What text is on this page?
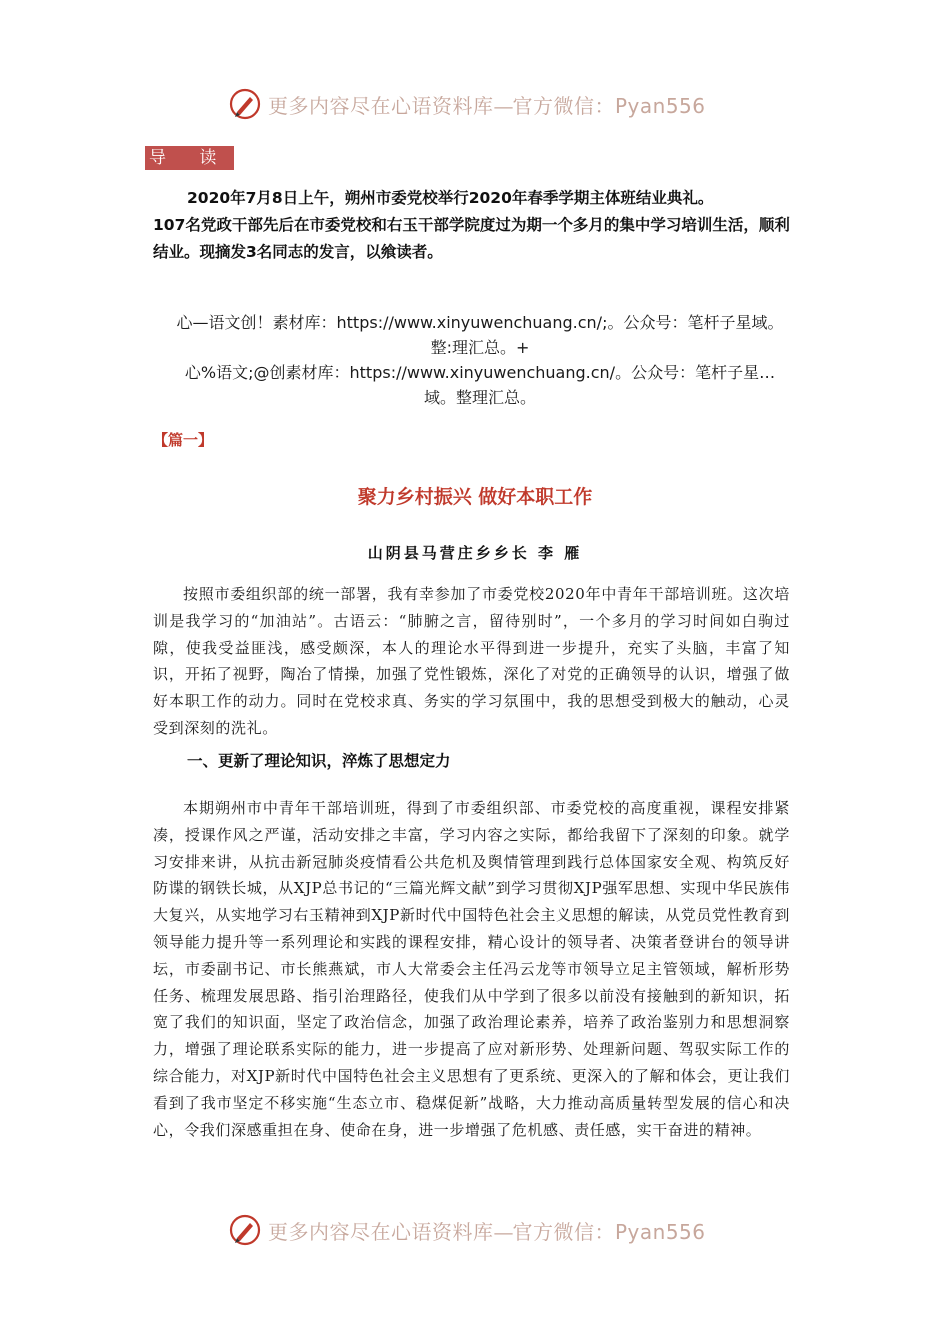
更多内容尽在心语资料库—官方微信：Pyan556
导 读
2020年7月8日上午，朔州市委党校举行2020年春季学期主体班结业典礼。
107名党政干部先后在市委党校和右玉干部学院度过为期一个多月的集中学习培训生活，顺利结业。现摘发3名同志的发言，以飨读者。
心—语文创！素材库：https://www.xinyuwenchuang.cn/;。公众号：笔杆子星域。
整:理汇总。+
心%语文;@创素材库：https://www.xinyuwenchuang.cn/。公众号：笔杆子星…
域。整理汇总。
【篇一】
聚力乡村振兴 做好本职工作
山阴县马营庄乡乡长 李 雁
按照市委组织部的统一部署，我有幸参加了市委党校2020年中青年干部培训班。这次培训是我学习的“加油站”。古语云：“肺腑之言，留待别时”，一个多月的学习时间如白驹过隙，使我受益匪浅，感受颇深，本人的理论水平得到进一步提升，充实了头脑，丰富了知识，开拓了视野，陶冶了情操，加强了党性锻炼，深化了对党的正确领导的认识，增强了做好本职工作的动力。同时在党校求真、务实的学习氛围中，我的思想受到极大的触动，心灵受到深刻的洗礼。
一、更新了理论知识，淬炼了思想定力
本期朔州市中青年干部培训班，得到了市委组织部、市委党校的高度重视，课程安排紧凑，授课作风之严谨，活动安排之丰富，学习内容之实际，都给我留下了深刻的印象。就学习安排来讲，从抗击新冠肺炎疫情看公共危机及舆情管理到践行总体国家安全观、构筑反好防谍的钢铁长城，从XJP总书记的“三篇光辉文献”到学习贯彻XJP强军思想、实现中华民族伟大复兴，从实地学习右玉精神到XJP新时代中国特色社会主义思想的解读，从党员党性教育到领导能力提升等一系列理论和实践的课程安排，精心设计的领导者、决策者登讲台的领导讲坛，市委副书记、市长熊燕斌，市人大常委会主任冯云龙等市领导立足主管领域，解析形势任务、梳理发展思路、指引治理路径，使我们从中学到了很多以前没有接触到的新知识，拓宽了我们的知识面，坚定了政治信念，加强了政治理论素养，培养了政治鉴别力和思想洞察力，增强了理论联系实际的能力，进一步提高了应对新形势、处理新问题、驾驭实际工作的综合能力，对XJP新时代中国特色社会主义思想有了更系统、更深入的了解和体会，更让我们看到了我市坚定不移实施“生态立市、稳煤促新”战略，大力推动高质量转型发展的信心和决心，令我们深感重担在身、使命在身，进一步增强了危机感、责任感，实干奋进的精神。
更多内容尽在心语资料库—官方微信：Pyan556
